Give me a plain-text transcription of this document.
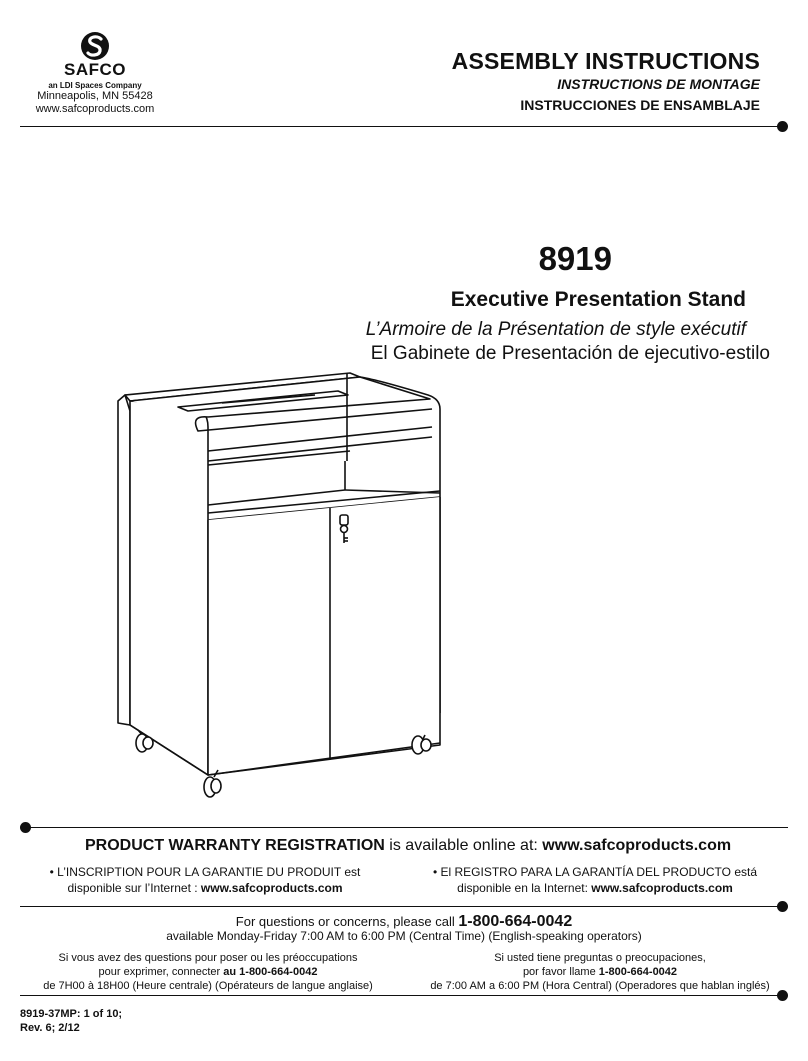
SAFCO
an LDI Spaces Company
Minneapolis, MN 55428
www.safcoproducts.com
ASSEMBLY INSTRUCTIONS
INSTRUCTIONS DE MONTAGE
INSTRUCCIONES DE ENSAMBLAJE
8919
Executive Presentation Stand
L’Armoire de la Présentation de style exécutif
El Gabinete de Presentación de ejecutivo-estilo
PRODUCT WARRANTY REGISTRATION is available online at: www.safcoproducts.com
• L’INSCRIPTION POUR LA GARANTIE DU PRODUIT est
disponible sur l’Internet : www.safcoproducts.com
• El REGISTRO PARA LA GARANTÍA DEL PRODUCTO está
disponible en la Internet: www.safcoproducts.com
For questions or concerns, please call 1-800-664-0042
available Monday-Friday 7:00 AM to 6:00 PM (Central Time) (English-speaking operators)
Si vous avez des questions pour poser ou les préoccupations
pour exprimer, connecter au 1-800-664-0042
de 7H00 à 18H00 (Heure centrale) (Opérateurs de langue anglaise)
Si usted tiene preguntas o preocupaciones,
por favor llame 1-800-664-0042
de 7:00 AM a 6:00 PM (Hora Central) (Operadores que hablan inglés)
8919-37MP: 1 of 10;
Rev. 6; 2/12
